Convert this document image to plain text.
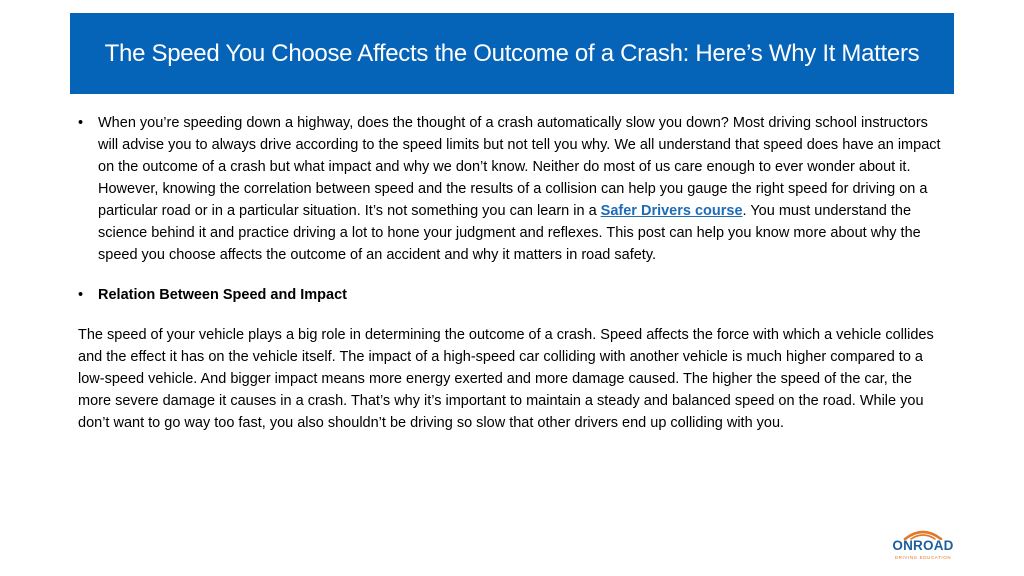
The Speed You Choose Affects the Outcome of a Crash: Here’s Why It Matters
•	When you’re speeding down a highway, does the thought of a crash automatically slow you down? Most driving school instructors will advise you to always drive according to the speed limits but not tell you why. We all understand that speed does have an impact on the outcome of a crash but what impact and why we don’t know. Neither do most of us care enough to ever wonder about it. However, knowing the correlation between speed and the results of a collision can help you gauge the right speed for driving on a particular road or in a particular situation. It’s not something you can learn in a Safer Drivers course. You must understand the science behind it and practice driving a lot to hone your judgment and reflexes. This post can help you know more about why the speed you choose affects the outcome of an accident and why it matters in road safety.
•	Relation Between Speed and Impact

The speed of your vehicle plays a big role in determining the outcome of a crash. Speed affects the force with which a vehicle collides and the effect it has on the vehicle itself. The impact of a high-speed car colliding with another vehicle is much higher compared to a low-speed vehicle. And bigger impact means more energy exerted and more damage caused. The higher the speed of the car, the more severe damage it causes in a crash. That’s why it’s important to maintain a steady and balanced speed on the road. While you don’t want to go way too fast, you also shouldn’t be driving so slow that other drivers end up colliding with you.

ONROAD
DRIVING EDUCATION
